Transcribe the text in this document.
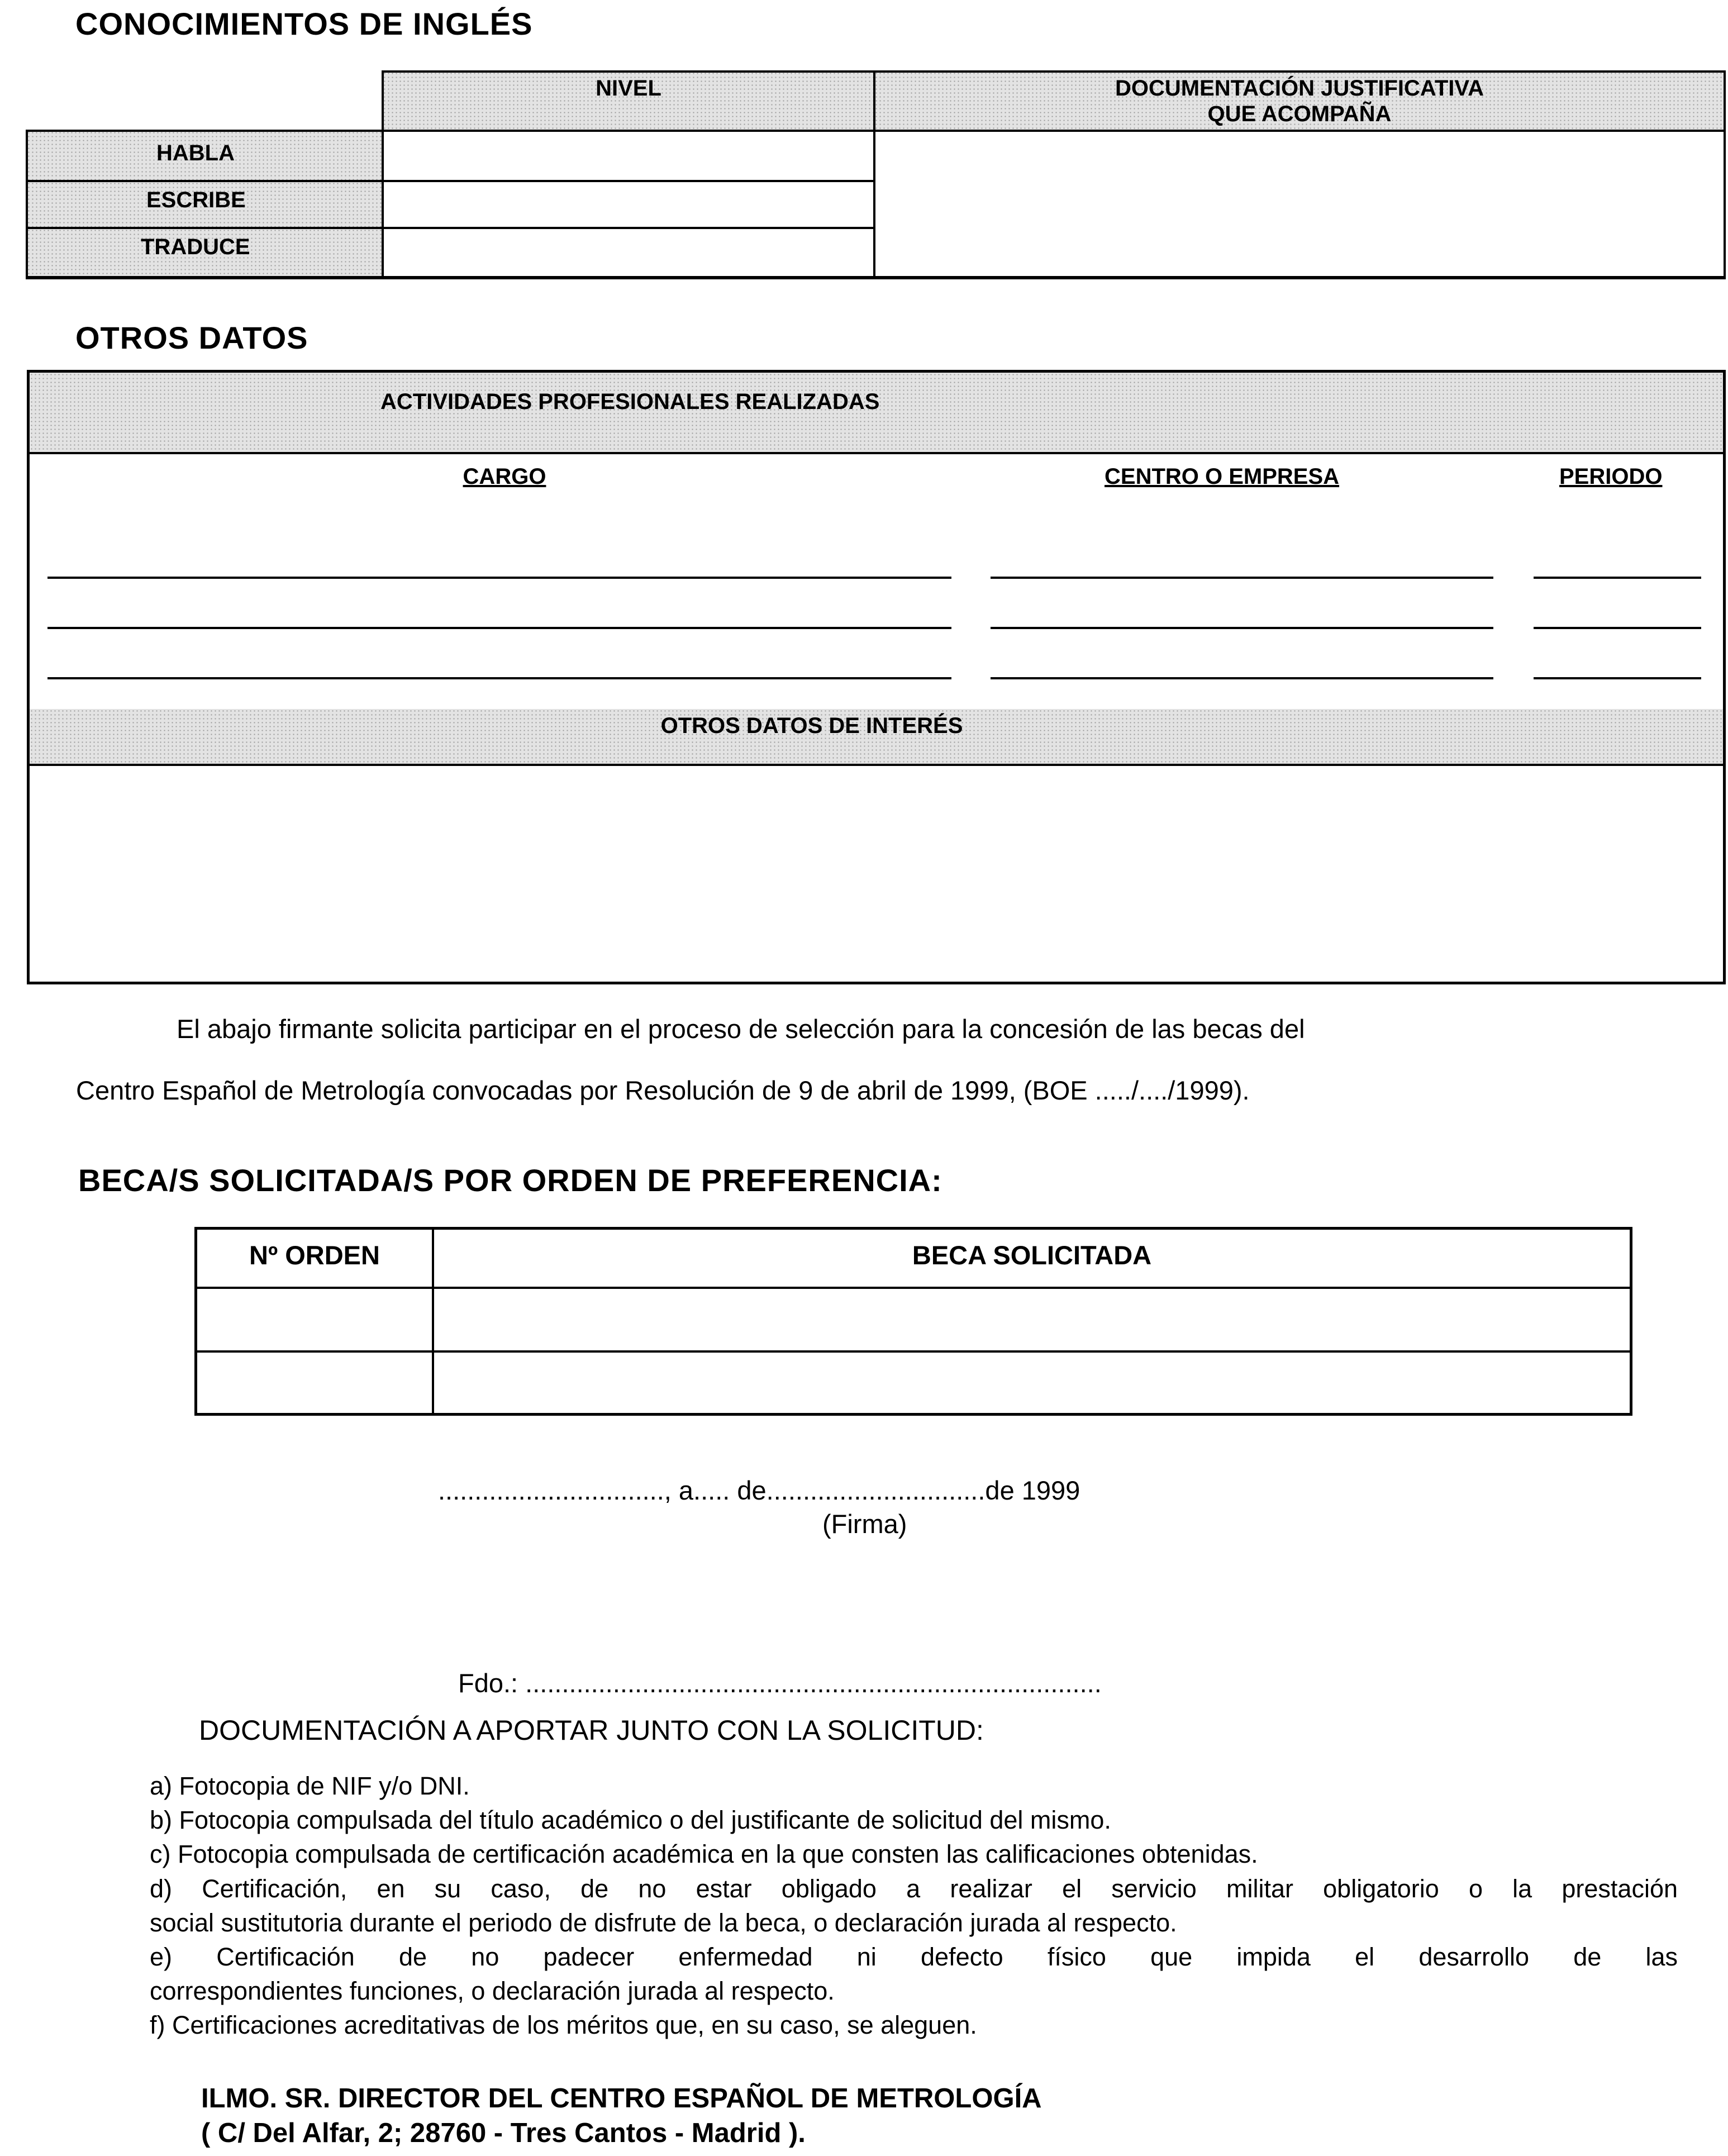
CONOCIMIENTOS DE INGLÉS
NIVEL	DOCUMENTACIÓN JUSTIFICATIVA
QUE ACOMPAÑA
HABLA
ESCRIBE
TRADUCE
OTROS DATOS
ACTIVIDADES PROFESIONALES REALIZADAS
CARGO	CENTRO O EMPRESA	PERIODO
OTROS DATOS DE INTERÉS
El abajo firmante solicita participar en el proceso de selección para la concesión de las becas del
Centro Español de Metrología convocadas por Resolución de 9 de abril de 1999, (BOE ...../..../1999).
BECA/S SOLICITADA/S POR ORDEN DE PREFERENCIA:
Nº ORDEN	BECA SOLICITADA
..............................., a..... de..............................de 1999
(Firma)
Fdo.: ...............................................................................
DOCUMENTACIÓN A APORTAR JUNTO CON LA SOLICITUD:
a) Fotocopia de NIF y/o DNI.
b) Fotocopia compulsada del título académico o del justificante de solicitud del mismo.
c) Fotocopia compulsada de certificación académica en la que consten las calificaciones obtenidas.
d) Certificación, en su caso, de no estar obligado a realizar el servicio militar obligatorio o la prestación
social sustitutoria durante el periodo de disfrute de la beca, o declaración jurada al respecto.
e) Certificación de no padecer enfermedad ni defecto físico que impida el desarrollo de las
correspondientes funciones, o declaración jurada al respecto.
f) Certificaciones acreditativas de los méritos que, en su caso, se aleguen.
ILMO. SR. DIRECTOR DEL CENTRO ESPAÑOL DE METROLOGÍA
( C/ Del Alfar, 2; 28760 - Tres Cantos - Madrid ).
